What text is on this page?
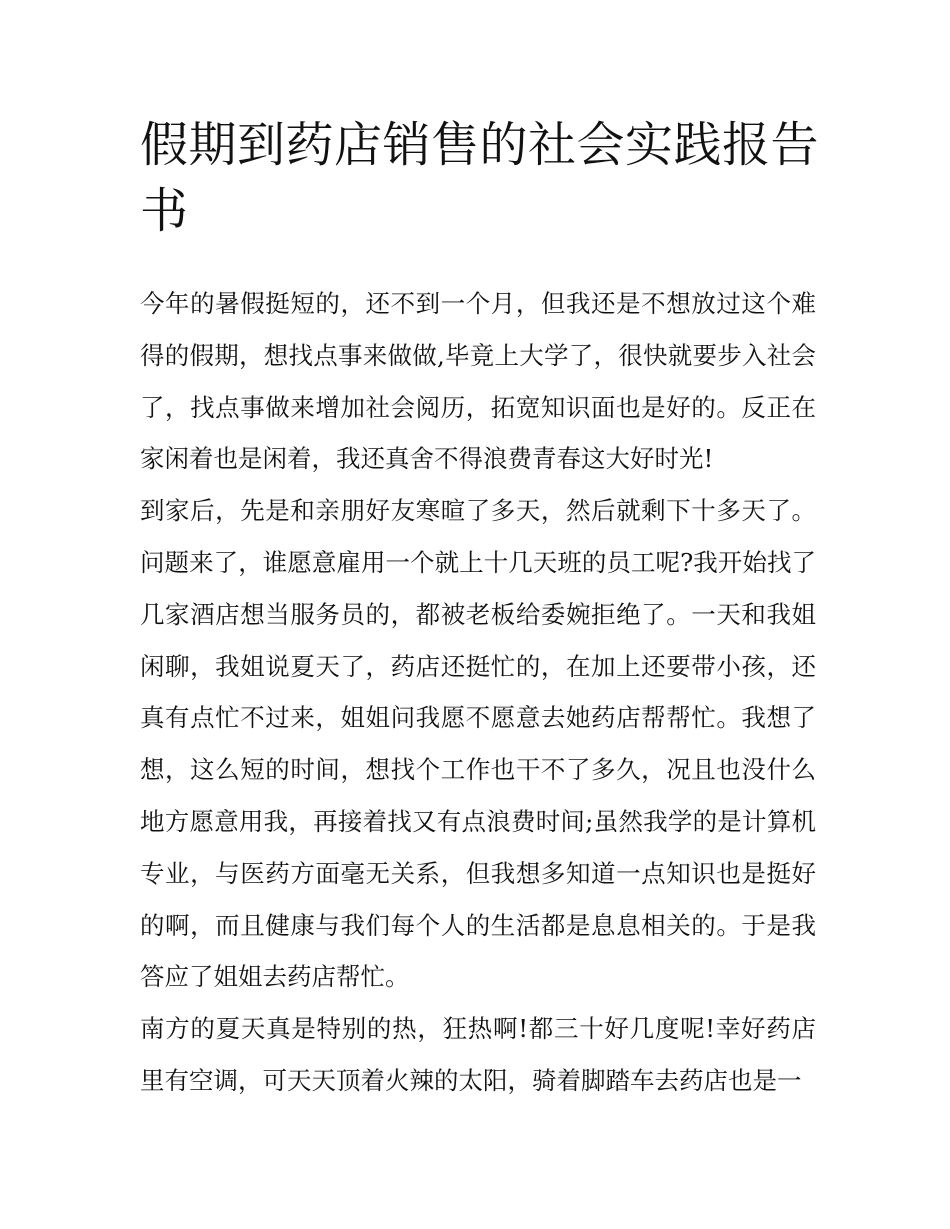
假期到药店销售的社会实践报告书

今年的暑假挺短的，还不到一个月，但我还是不想放过这个难得的假期，想找点事来做做,毕竟上大学了，很快就要步入社会了，找点事做来增加社会阅历，拓宽知识面也是好的。反正在家闲着也是闲着，我还真舍不得浪费青春这大好时光!

到家后，先是和亲朋好友寒暄了多天，然后就剩下十多天了。问题来了，谁愿意雇用一个就上十几天班的员工呢?我开始找了几家酒店想当服务员的，都被老板给委婉拒绝了。一天和我姐闲聊，我姐说夏天了，药店还挺忙的，在加上还要带小孩，还真有点忙不过来，姐姐问我愿不愿意去她药店帮帮忙。我想了想，这么短的时间，想找个工作也干不了多久，况且也没什么地方愿意用我，再接着找又有点浪费时间;虽然我学的是计算机专业，与医药方面毫无关系，但我想多知道一点知识也是挺好的啊，而且健康与我们每个人的生活都是息息相关的。于是我答应了姐姐去药店帮忙。

南方的夏天真是特别的热，狂热啊!都三十好几度呢!幸好药店里有空调，可天天顶着火辣的太阳，骑着脚踏车去药店也是一
